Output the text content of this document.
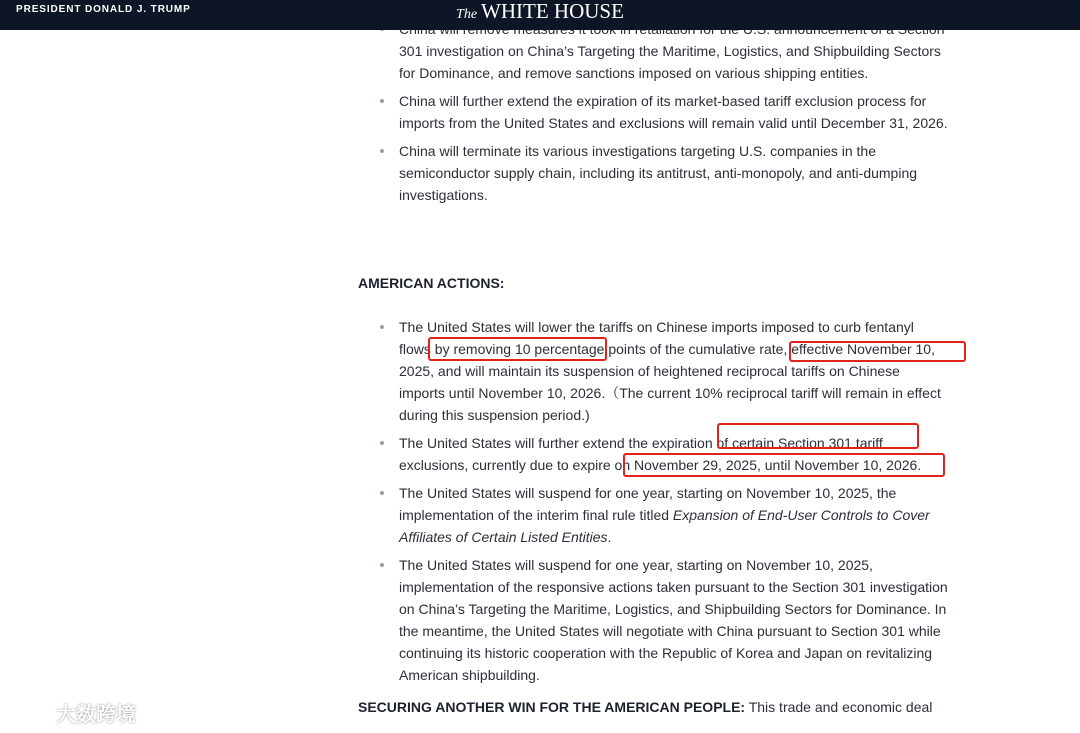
PRESIDENT DONALD J. TRUMP	The WHITE HOUSE
301 investigation on China’s Targeting the Maritime, Logistics, and Shipbuilding Sectors for Dominance, and remove sanctions imposed on various shipping entities.
China will further extend the expiration of its market-based tariff exclusion process for imports from the United States and exclusions will remain valid until December 31, 2026.
China will terminate its various investigations targeting U.S. companies in the semiconductor supply chain, including its antitrust, anti-monopoly, and anti-dumping investigations.
AMERICAN ACTIONS:
The United States will lower the tariffs on Chinese imports imposed to curb fentanyl flows by removing 10 percentage points of the cumulative rate, effective November 10, 2025, and will maintain its suspension of heightened reciprocal tariffs on Chinese imports until November 10, 2026.（The current 10% reciprocal tariff will remain in effect during this suspension period.)
The United States will further extend the expiration of certain Section 301 tariff exclusions, currently due to expire on November 29, 2025, until November 10, 2026.
The United States will suspend for one year, starting on November 10, 2025, the implementation of the interim final rule titled Expansion of End-User Controls to Cover Affiliates of Certain Listed Entities.
The United States will suspend for one year, starting on November 10, 2025, implementation of the responsive actions taken pursuant to the Section 301 investigation on China’s Targeting the Maritime, Logistics, and Shipbuilding Sectors for Dominance. In the meantime, the United States will negotiate with China pursuant to Section 301 while continuing its historic cooperation with the Republic of Korea and Japan on revitalizing American shipbuilding.
SECURING ANOTHER WIN FOR THE AMERICAN PEOPLE: This trade and economic deal
大数跨境
